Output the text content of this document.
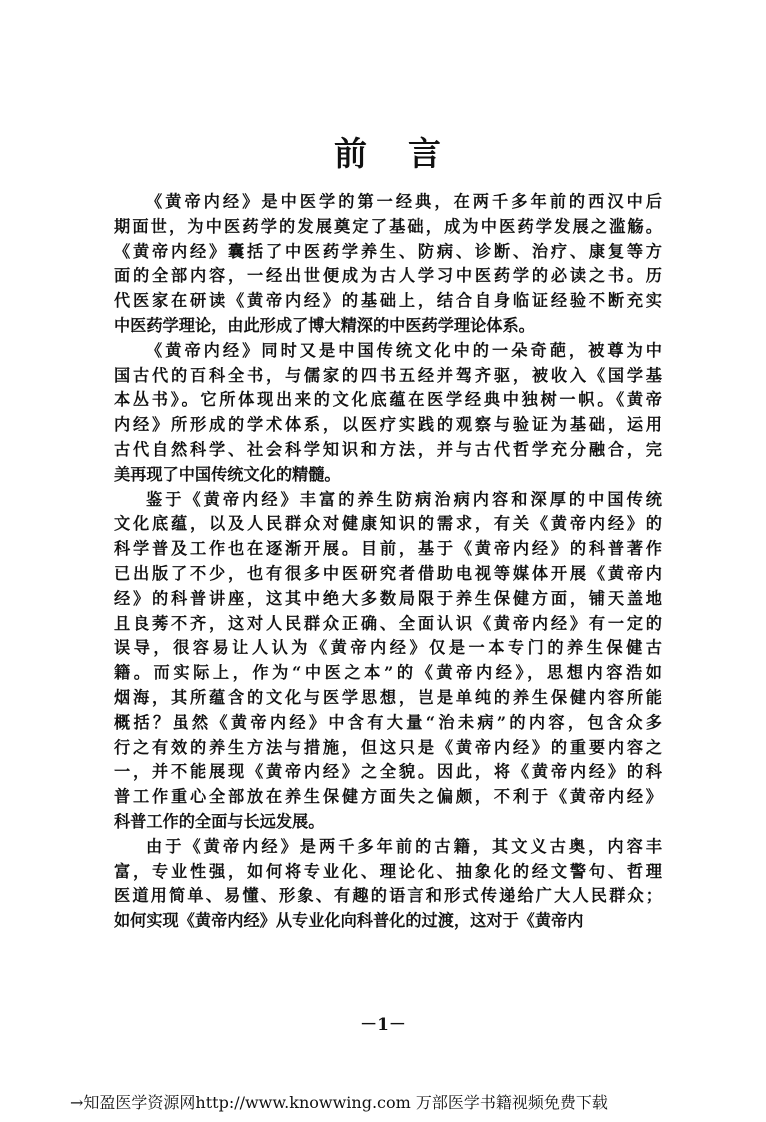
前 言
《黄帝内经》是中医学的第一经典，在两千多年前的西汉中后
期面世，为中医药学的发展奠定了基础，成为中医药学发展之滥觞。
《黄帝内经》囊括了中医药学养生、防病、诊断、治疗、康复等方
面的全部内容，一经出世便成为古人学习中医药学的必读之书。历
代医家在研读《黄帝内经》的基础上，结合自身临证经验不断充实
中医药学理论，由此形成了博大精深的中医药学理论体系。
《黄帝内经》同时又是中国传统文化中的一朵奇葩，被尊为中
国古代的百科全书，与儒家的四书五经并驾齐驱，被收入《国学基
本丛书》。它所体现出来的文化底蕴在医学经典中独树一帜。《黄帝
内经》所形成的学术体系，以医疗实践的观察与验证为基础，运用
古代自然科学、社会科学知识和方法，并与古代哲学充分融合，完
美再现了中国传统文化的精髓。
鉴于《黄帝内经》丰富的养生防病治病内容和深厚的中国传统
文化底蕴，以及人民群众对健康知识的需求，有关《黄帝内经》的
科学普及工作也在逐渐开展。目前，基于《黄帝内经》的科普著作
已出版了不少，也有很多中医研究者借助电视等媒体开展《黄帝内
经》的科普讲座，这其中绝大多数局限于养生保健方面，铺天盖地
且良莠不齐，这对人民群众正确、全面认识《黄帝内经》有一定的
误导，很容易让人认为《黄帝内经》仅是一本专门的养生保健古
籍。而实际上，作为“中医之本”的《黄帝内经》，思想内容浩如
烟海，其所蕴含的文化与医学思想，岂是单纯的养生保健内容所能
概括？虽然《黄帝内经》中含有大量“治未病”的内容，包含众多
行之有效的养生方法与措施，但这只是《黄帝内经》的重要内容之
一，并不能展现《黄帝内经》之全貌。因此，将《黄帝内经》的科
普工作重心全部放在养生保健方面失之偏颇，不利于《黄帝内经》
科普工作的全面与长远发展。
由于《黄帝内经》是两千多年前的古籍，其文义古奥，内容丰
富，专业性强，如何将专业化、理论化、抽象化的经文警句、哲理
医道用简单、易懂、形象、有趣的语言和形式传递给广大人民群众；
如何实现《黄帝内经》从专业化向科普化的过渡，这对于《黄帝内
－1－
→知盈医学资源网http://www.knowwing.com 万部医学书籍视频免费下载
